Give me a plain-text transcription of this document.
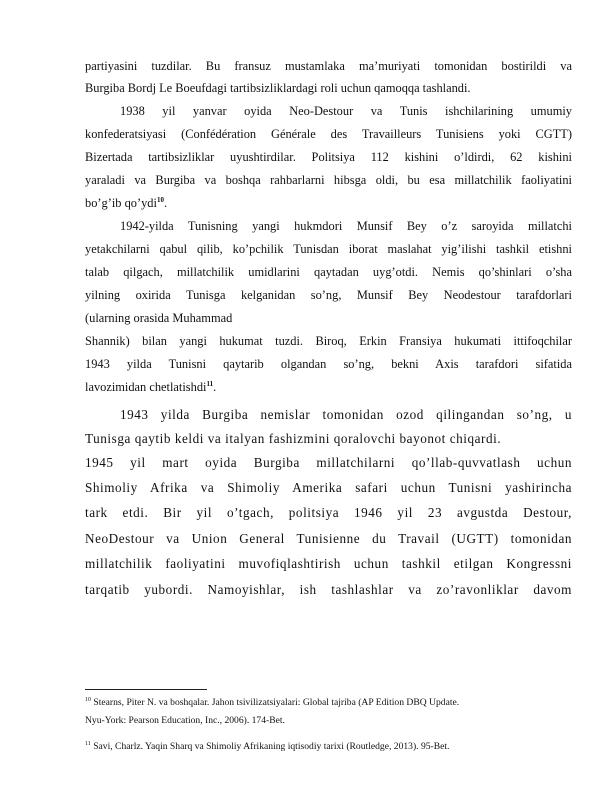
partiyasini tuzdilar. Bu fransuz mustamlaka ma’muriyati tomonidan bostirildi va

Burgiba Bordj Le Boeufdagi tartibsizliklardagi roli uchun qamoqqa tashlandi.

1938 yil yanvar oyida Neo-Destour va Tunis ishchilarining umumiy

konfederatsiyasi (Confédération Générale des Travailleurs Tunisiens yoki CGTT)

Bizertada tartibsizliklar uyushtirdilar. Politsiya 112 kishini o’ldirdi, 62 kishini

yaraladi va Burgiba va boshqa rahbarlarni hibsga oldi, bu esa millatchilik faoliyatini

bo’g’ib qo’ydi$^{10}$.

1942-yilda Tunisning yangi hukmdori Munsif Bey o’z saroyida millatchi

yetakchilarni qabul qilib, ko’pchilik Tunisdan iborat maslahat yig’ilishi tashkil etishni

talab qilgach, millatchilik umidlarini qaytadan uyg’otdi. Nemis qo’shinlari o’sha

yilning oxirida Tunisga kelganidan so’ng, Munsif Bey Neodestour tarafdorlari

(ularning orasida Muhammad

Shannik) bilan yangi hukumat tuzdi. Biroq, Erkin Fransiya hukumati ittifoqchilar

1943 yilda Tunisni qaytarib olgandan so’ng, bekni Axis tarafdori sifatida

lavozimidan chetlatishdi$^{11}$.

1943 yilda Burgiba nemislar tomonidan ozod qilingandan so’ng, u

Tunisga qaytib keldi va italyan fashizmini qoralovchi bayonot chiqardi.

1945 yil mart oyida Burgiba millatchilarni qo’llab-quvvatlash uchun

Shimoliy Afrika va Shimoliy Amerika safari uchun Tunisni yashirincha

tark etdi. Bir yil o’tgach, politsiya 1946 yil 23 avgustda Destour,

NeoDestour va Union General Tunisienne du Travail (UGTT) tomonidan

millatchilik faoliyatini muvofiqlashtirish uchun tashkil etilgan Kongressni

tarqatib yubordi. Namoyishlar, ish tashlashlar va zo’ravonliklar davom

$^{10}$ Stearns, Piter N. va boshqalar. Jahon tsivilizatsiyalari: Global tajriba (AP Edition DBQ Update.

Nyu-York: Pearson Education, Inc., 2006). 174-Bet.

$^{11}$ Savi, Charlz. Yaqin Sharq va Shimoliy Afrikaning iqtisodiy tarixi (Routledge, 2013). 95-Bet.
